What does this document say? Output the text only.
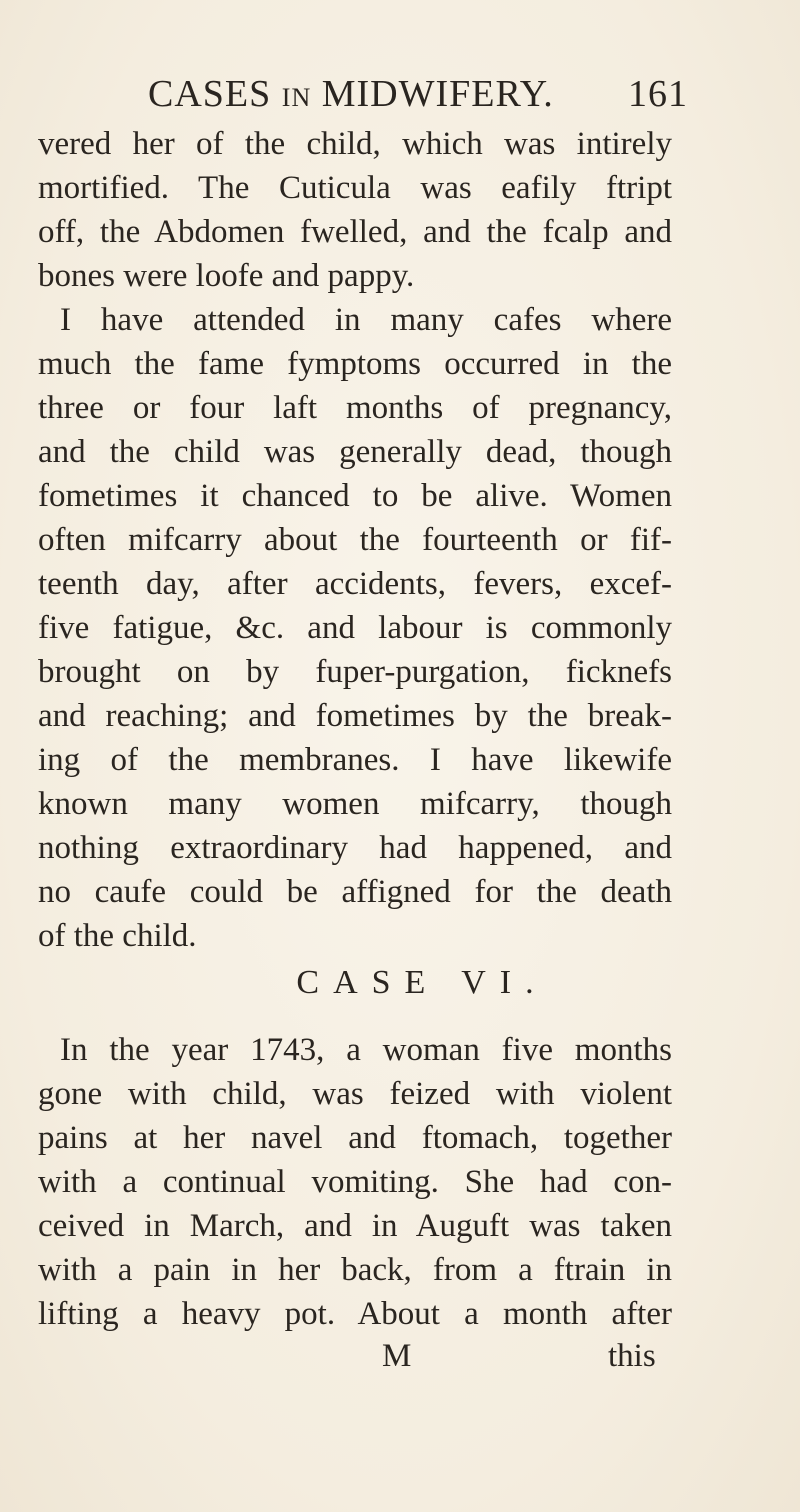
CASES IN MIDWIFERY. 161
vered her of the child, which was intirely
mortified. The Cuticula was eafily ftript
off, the Abdomen fwelled, and the fcalp and
bones were loofe and pappy.
I have attended in many cafes where
much the fame fymptoms occurred in the
three or four laft months of pregnancy,
and the child was generally dead, though
fometimes it chanced to be alive. Women
often mifcarry about the fourteenth or fif-
teenth day, after accidents, fevers, excef-
five fatigue, &c. and labour is commonly
brought on by fuper-purgation, ficknefs
and reaching; and fometimes by the break-
ing of the membranes. I have likewife
known many women mifcarry, though
nothing extraordinary had happened, and
no caufe could be affigned for the death
of the child.
CASE VI.
In the year 1743, a woman five months
gone with child, was feized with violent
pains at her navel and ftomach, together
with a continual vomiting. She had con-
ceived in March, and in Auguft was taken
with a pain in her back, from a ftrain in
lifting a heavy pot. About a month after
M	this
